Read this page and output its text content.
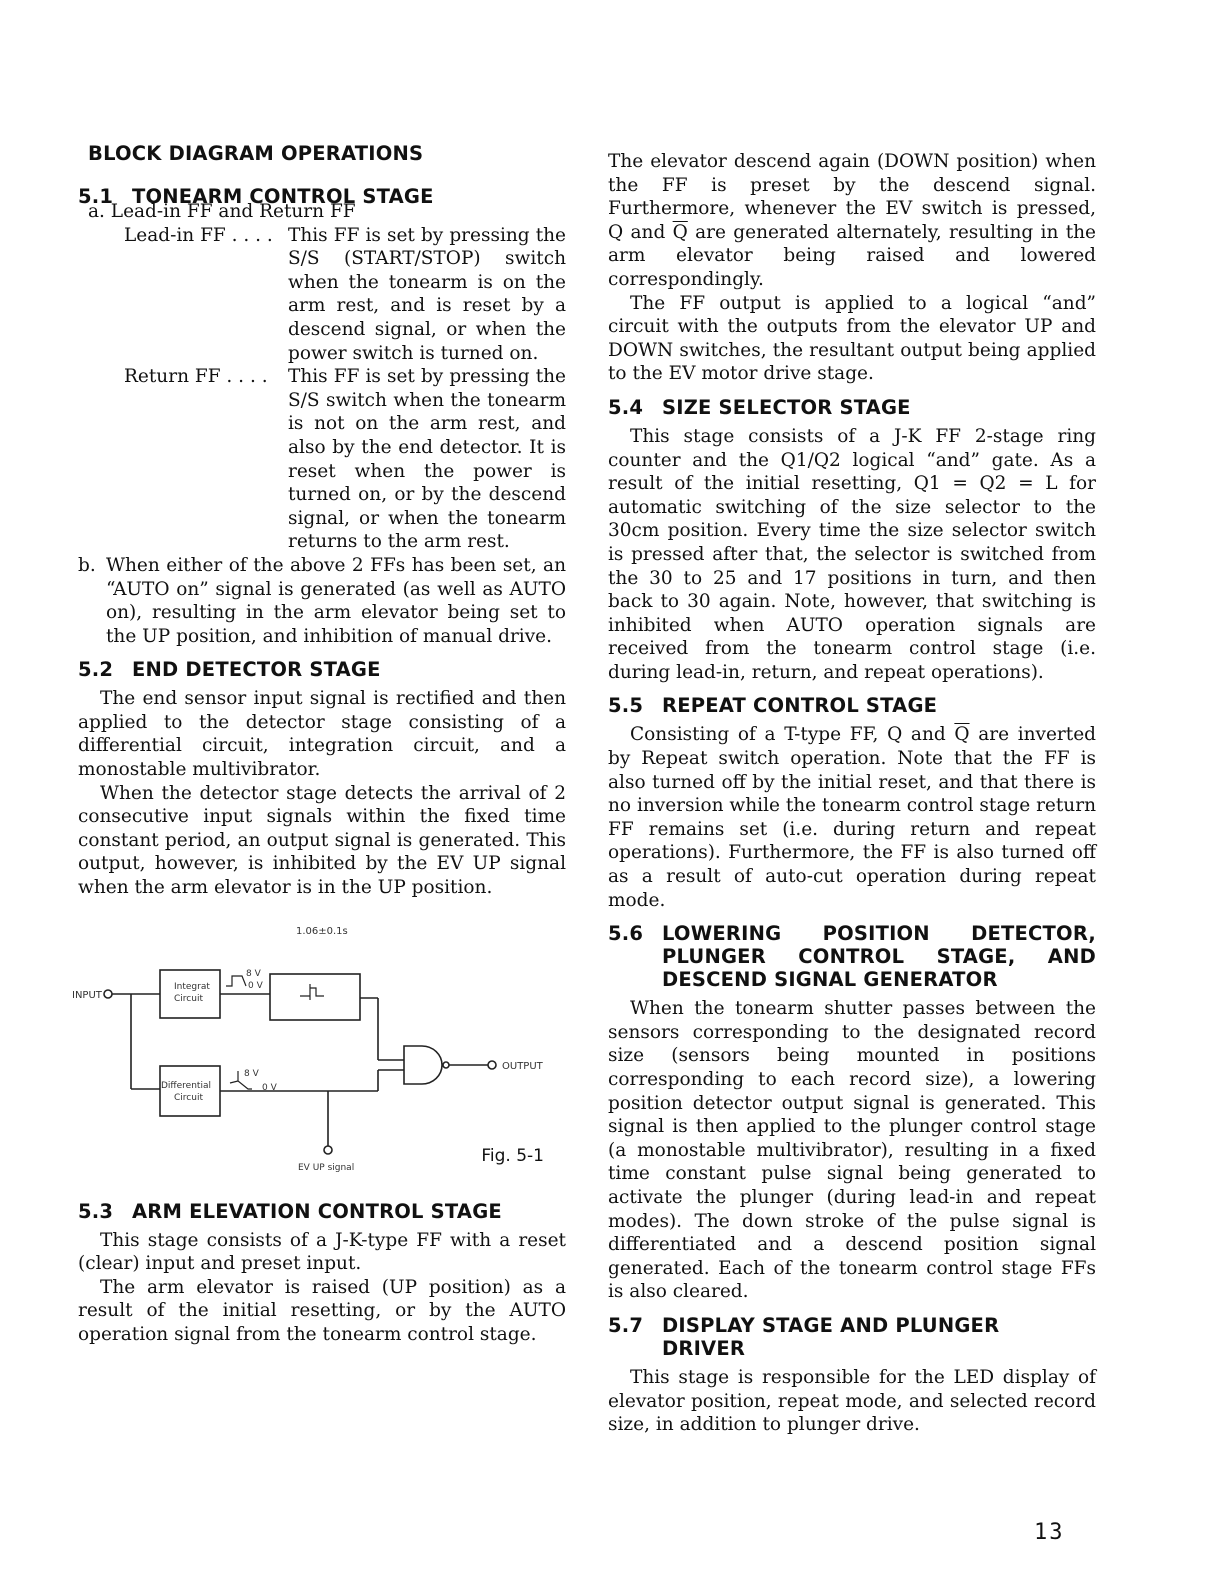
BLOCK DIAGRAM OPERATIONS
5.1 TONEARM CONTROL STAGE
a. Lead-in FF and Return FF
Lead-in FF . . . . This FF is set by pressing the S/S (START/STOP) switch when the tonearm is on the arm rest, and is reset by a descend signal, or when the power switch is turned on.
Return FF . . . .	This FF is set by pressing the S/S switch when the tonearm is not on the arm rest, and also by the end detector. It is reset when the power is turned on, or by the descend signal, or when the tonearm returns to the arm rest.
b. When either of the above 2 FFs has been set, an “AUTO on” signal is generated (as well as AUTO on), resulting in the arm elevator being set to the UP position, and inhibition of manual drive.
5.2 END DETECTOR STAGE

The end sensor input signal is rectified and then applied to the detector stage consisting of a differential circuit, integration circuit, and a monostable multivibrator.

When the detector stage detects the arrival of 2 consecutive input signals within the fixed time constant period, an output signal is generated. This output, however, is inhibited by the EV UP signal when the arm elevator is in the UP position.

1.06±0.1s
INPUT
Integrat
Circuit
Differential
Circuit
8 V
0 V
8 V
0 V
OUTPUT
EV UP signal
Fig. 5-1
5.3 ARM ELEVATION CONTROL STAGE

This stage consists of a J-K-type FF with a reset (clear) input and preset input.

The arm elevator is raised (UP position) as a result of the initial resetting, or by the AUTO operation signal from the tonearm control stage.

The elevator descend again (DOWN position) when the FF is preset by the descend signal. Furthermore, whenever the EV switch is pressed, Q and $\overline{Q}$ are generated alternately, resulting in the arm elevator being raised and lowered correspondingly.

The FF output is applied to a logical “and” circuit with the outputs from the elevator UP and DOWN switches, the resultant output being applied to the EV motor drive stage.

5.4 SIZE SELECTOR STAGE

This stage consists of a J-K FF 2-stage ring counter and the Q1/Q2 logical “and” gate. As a result of the initial resetting, Q1 = Q2 = L for automatic switching of the size selector to the 30cm position. Every time the size selector switch is pressed after that, the selector is switched from the 30 to 25 and 17 positions in turn, and then back to 30 again. Note, however, that switching is inhibited when AUTO operation signals are received from the tonearm control stage (i.e. during lead-in, return, and repeat operations).

5.5 REPEAT CONTROL STAGE

Consisting of a T-type FF, Q and $\overline{Q}$ are inverted by Repeat switch operation. Note that the FF is also turned off by the initial reset, and that there is no inversion while the tonearm control stage return FF remains set (i.e. during return and repeat operations). Furthermore, the FF is also turned off as a result of auto-cut operation during repeat mode.

5.6 LOWERING POSITION DETECTOR,
PLUNGER CONTROL STAGE, AND
DESCEND SIGNAL GENERATOR

When the tonearm shutter passes between the sensors corresponding to the designated record size (sensors being mounted in positions corresponding to each record size), a lowering position detector output signal is generated. This signal is then applied to the plunger control stage (a monostable multivibrator), resulting in a fixed time constant pulse signal being generated to activate the plunger (during lead-in and repeat modes). The down stroke of the pulse signal is differentiated and a descend position signal generated. Each of the tonearm control stage FFs is also cleared.

5.7 DISPLAY STAGE AND PLUNGER
DRIVER

This stage is responsible for the LED display of elevator position, repeat mode, and selected record size, in addition to plunger drive.

13
